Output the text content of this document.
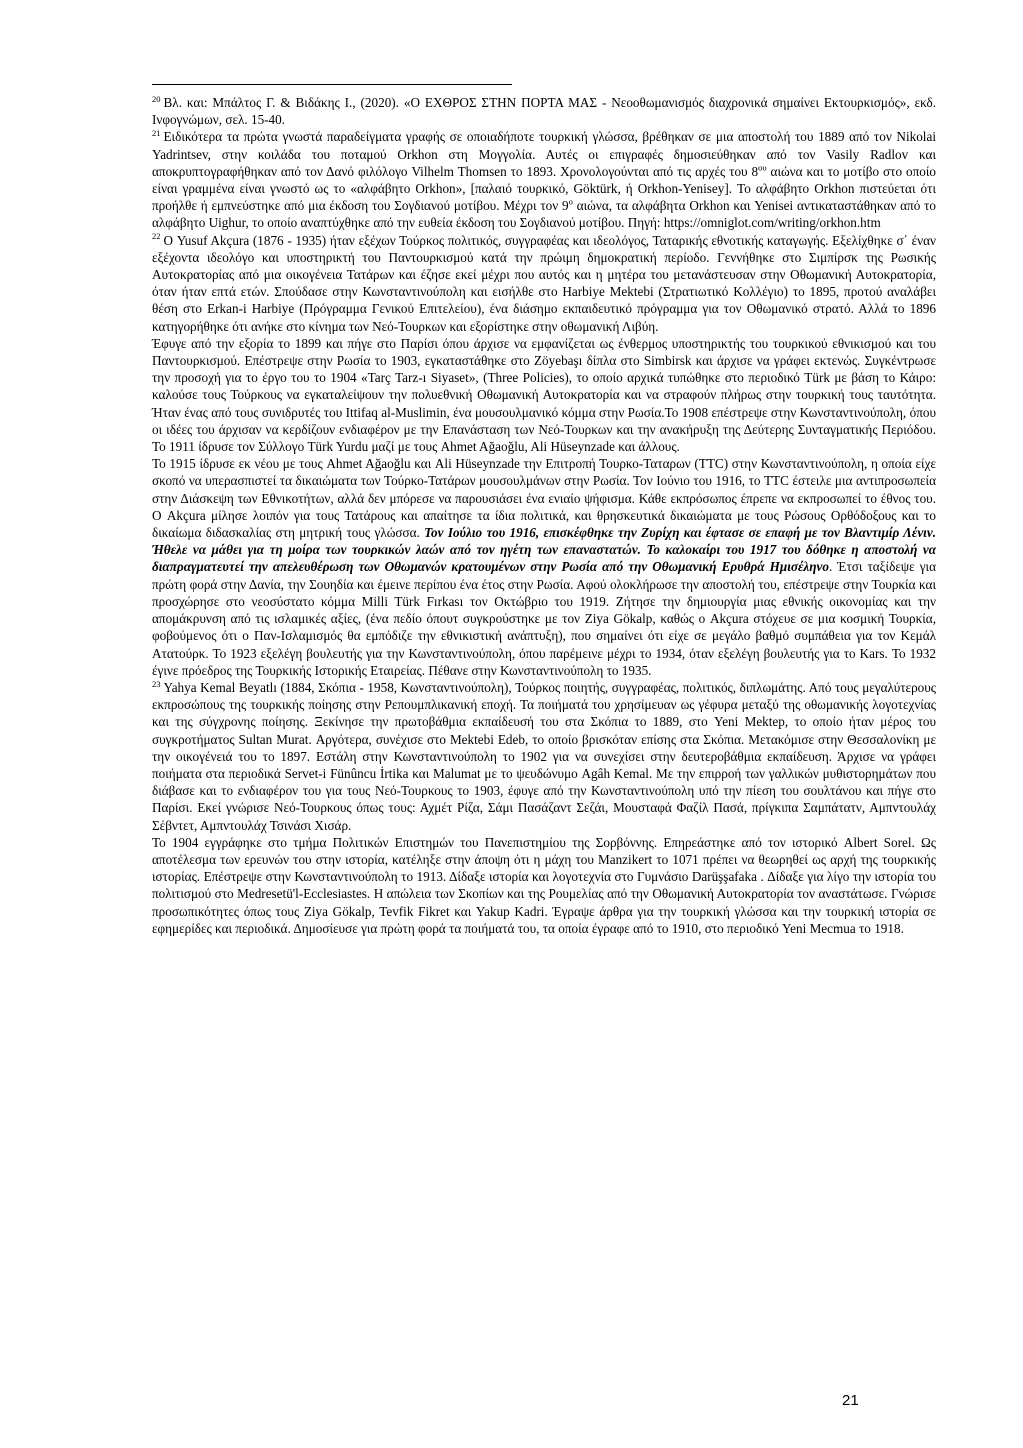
$^{20}$ Βλ. και: Μπάλτος Γ. & Βιδάκης Ι., (2020). «Ο ΕΧΘΡΟΣ ΣΤΗΝ ΠΟΡΤΑ ΜΑΣ - Νεοοθωμανισμός διαχρονικά σημαίνει Εκτουρκισμός», εκδ. Ινφογνώμων, σελ. 15-40.

$^{21}$ Ειδικότερα τα πρώτα γνωστά παραδείγματα γραφής σε οποιαδήποτε τουρκική γλώσσα, βρέθηκαν σε μια αποστολή του 1889 από τον Nikolai Yadrintsev, στην κοιλάδα του ποταμού Orkhon στη Μογγολία. Αυτές οι επιγραφές δημοσιεύθηκαν από τον Vasily Radlov και αποκρυπτογραφήθηκαν από τον Δανό φιλόλογο Vilhelm Thomsen το 1893. Χρονολογούνται από τις αρχές του $8^{o\upsilon}$ αιώνα και το μοτίβο στο οποίο είναι γραμμένα είναι γνωστό ως το «αλφάβητο Orkhon», [παλαιό τουρκικό, Göktürk, ή Orkhon-Yenisey]. Το αλφάβητο Orkhon πιστεύεται ότι προήλθε ή εμπνεύστηκε από μια έκδοση του Σογδιανού μοτίβου. Μέχρι τον $9^o$ αιώνα, τα αλφάβητα Orkhon και Yenisei αντικαταστάθηκαν από το αλφάβητο Uighur, το οποίο αναπτύχθηκε από την ευθεία έκδοση του Σογδιανού μοτίβου. Πηγή: https://omniglot.com/writing/orkhon.htm

$^{22}$ Ο Yusuf Akçura (1876 - 1935) ήταν εξέχων Τούρκος πολιτικός, συγγραφέας και ιδεολόγος, Ταταρικής εθνοτικής καταγωγής. Εξελίχθηκε σ΄ έναν εξέχοντα ιδεολόγο και υποστηρικτή του Παντουρκισμού κατά την πρώιμη δημοκρατική περίοδο. Γεννήθηκε στο Σιμπίρσκ της Ρωσικής Αυτοκρατορίας από μια οικογένεια Τατάρων και έζησε εκεί μέχρι που αυτός και η μητέρα του μετανάστευσαν στην Οθωμανική Αυτοκρατορία, όταν ήταν επτά ετών. Σπούδασε στην Κωνσταντινούπολη και εισήλθε στο Harbiye Mektebi (Στρατιωτικό Κολλέγιο) το 1895, προτού αναλάβει θέση στο Erkan-i Harbiye (Πρόγραμμα Γενικού Επιτελείου), ένα διάσημο εκπαιδευτικό πρόγραμμα για τον Οθωμανικό στρατό. Αλλά το 1896 κατηγορήθηκε ότι ανήκε στο κίνημα των Νεό-Τουρκων και εξορίστηκε στην οθωμανική Λιβύη.

Έφυγε από την εξορία το 1899 και πήγε στο Παρίσι όπου άρχισε να εμφανίζεται ως ένθερμος υποστηρικτής του τουρκικού εθνικισμού και του Παντουρκισμού. Επέστρεψε στην Ρωσία το 1903, εγκαταστάθηκε στο Zöyebaşı δίπλα στο Simbirsk και άρχισε να γράφει εκτενώς. Συγκέντρωσε την προσοχή για το έργο του το 1904 «Tarç Tarz-ı Siyaset», (Three Policies), το οποίο αρχικά τυπώθηκε στο περιοδικό Türk με βάση το Κάιρο: καλούσε τους Τούρκους να εγκαταλείψουν την πολυεθνική Οθωμανική Αυτοκρατορία και να στραφούν πλήρως στην τουρκική τους ταυτότητα. Ήταν ένας από τους συνιδρυτές του Ittifaq al-Muslimin, ένα μουσουλμανικό κόμμα στην Ρωσία.Το 1908 επέστρεψε στην Κωνσταντινούπολη, όπου οι ιδέες του άρχισαν να κερδίζουν ενδιαφέρον με την Επανάσταση των Νεό-Τουρκων και την ανακήρυξη της Δεύτερης Συνταγματικής Περιόδου. Το 1911 ίδρυσε τον Σύλλογο Türk Yurdu μαζί με τους Ahmet Ağaoğlu, Ali Hüseynzade και άλλους.

Το 1915 ίδρυσε εκ νέου με τους Ahmet Ağaoğlu και Ali Hüseynzade την Επιτροπή Τουρκο-Ταταρων (TTC) στην Κωνσταντινούπολη, η οποία είχε σκοπό να υπερασπιστεί τα δικαιώματα των Τούρκο-Τατάρων μουσουλμάνων στην Ρωσία. Τον Ιούνιο του 1916, το TTC έστειλε μια αντιπροσωπεία στην Διάσκεψη των Εθνικοτήτων, αλλά δεν μπόρεσε να παρουσιάσει ένα ενιαίο ψήφισμα. Κάθε εκπρόσωπος έπρεπε να εκπροσωπεί το έθνος του. Ο Akçura μίλησε λοιπόν για τους Τατάρους και απαίτησε τα ίδια πολιτικά, και θρησκευτικά δικαιώματα με τους Ρώσους Ορθόδοξους και το δικαίωμα διδασκαλίας στη μητρική τους γλώσσα. Τον Ιούλιο του 1916, επισκέφθηκε την Ζυρίχη και έφτασε σε επαφή με τον Βλαντιμίρ Λένιν. Ήθελε να μάθει για τη μοίρα των τουρκικών λαών από τον ηγέτη των επαναστατών. Το καλοκαίρι του 1917 του δόθηκε η αποστολή να διαπραγματευτεί την απελευθέρωση των Οθωμανών κρατουμένων στην Ρωσία από την Οθωμανική Ερυθρά Ημισέληνο. Έτσι ταξίδεψε για πρώτη φορά στην Δανία, την Σουηδία και έμεινε περίπου ένα έτος στην Ρωσία. Αφού ολοκλήρωσε την αποστολή του, επέστρεψε στην Τουρκία και προσχώρησε στο νεοσύστατο κόμμα Milli Türk Fırkası τον Οκτώβριο του 1919. Ζήτησε την δημιουργία μιας εθνικής οικονομίας και την απομάκρυνση από τις ισλαμικές αξίες, (ένα πεδίο όπουτ συγκρούστηκε με τον Ziya Gökalp, καθώς ο Akçura στόχευε σε μια κοσμική Τουρκία, φοβούμενος ότι ο Παν-Ισλαμισμός θα εμπόδιζε την εθνικιστική ανάπτυξη), που σημαίνει ότι είχε σε μεγάλο βαθμό συμπάθεια για τον Κεμάλ Ατατούρκ. Το 1923 εξελέγη βουλευτής για την Κωνσταντινούπολη, όπου παρέμεινε μέχρι το 1934, όταν εξελέγη βουλευτής για το Kars. Το 1932 έγινε πρόεδρος της Τουρκικής Ιστορικής Εταιρείας. Πέθανε στην Κωνσταντινούπολη το 1935.

$^{23}$ Yahya Kemal Beyatlı (1884, Σκόπια - 1958, Κωνσταντινούπολη), Τούρκος ποιητής, συγγραφέας, πολιτικός, διπλωμάτης. Από τους μεγαλύτερους εκπροσώπους της τουρκικής ποίησης στην Ρεπουμπλικανική εποχή. Τα ποιήματά του χρησίμευαν ως γέφυρα μεταξύ της οθωμανικής λογοτεχνίας και της σύγχρονης ποίησης. Ξεκίνησε την πρωτοβάθμια εκπαίδευσή του στα Σκόπια το 1889, στο Yeni Mektep, το οποίο ήταν μέρος του συγκροτήματος Sultan Murat. Αργότερα, συνέχισε στο Mektebi Edeb, το οποίο βρισκόταν επίσης στα Σκόπια. Μετακόμισε στην Θεσσαλονίκη με την οικογένειά του το 1897. Εστάλη στην Κωνσταντινούπολη το 1902 για να συνεχίσει στην δευτεροβάθμια εκπαίδευση. Άρχισε να γράφει ποιήματα στα περιοδικά Servet-i Fünûncu İrtika και Malumat με το ψευδώνυμο Agâh Kemal. Με την επιρροή των γαλλικών μυθιστορημάτων που διάβασε και το ενδιαφέρον του για τους Νεό-Τουρκους το 1903, έφυγε από την Κωνσταντινούπολη υπό την πίεση του σουλτάνου και πήγε στο Παρίσι. Εκεί γνώρισε Νεό-Τουρκους όπως τους: Αχμέτ Ρίζα, Σάμι Πασάζαντ Σεζάι, Μουσταφά Φαζίλ Πασά, πρίγκιπα Σαμπάτατν, Αμπντουλάχ Σέβντετ, Αμπντουλάχ Τσινάσι Χισάρ.

Το 1904 εγγράφηκε στο τμήμα Πολιτικών Επιστημών του Πανεπιστημίου της Σορβόννης. Επηρεάστηκε από τον ιστορικό Albert Sorel. Ως αποτέλεσμα των ερευνών του στην ιστορία, κατέληξε στην άποψη ότι η μάχη του Manzikert το 1071 πρέπει να θεωρηθεί ως αρχή της τουρκικής ιστορίας. Επέστρεψε στην Κωνσταντινούπολη το 1913. Δίδαξε ιστορία και λογοτεχνία στο Γυμνάσιο Darüşşafaka . Δίδαξε για λίγο την ιστορία του πολιτισμού στο Medresetü'l-Ecclesiastes. Η απώλεια των Σκοπίων και της Ρουμελίας από την Οθωμανική Αυτοκρατορία τον αναστάτωσε. Γνώρισε προσωπικότητες όπως τους Ziya Gökalp, Tevfik Fikret και Yakup Kadri. Έγραψε άρθρα για την τουρκική γλώσσα και την τουρκική ιστορία σε εφημερίδες και περιοδικά. Δημοσίευσε για πρώτη φορά τα ποιήματά του, τα οποία έγραφε από το 1910, στο περιοδικό Yeni Mecmua το 1918.

21
